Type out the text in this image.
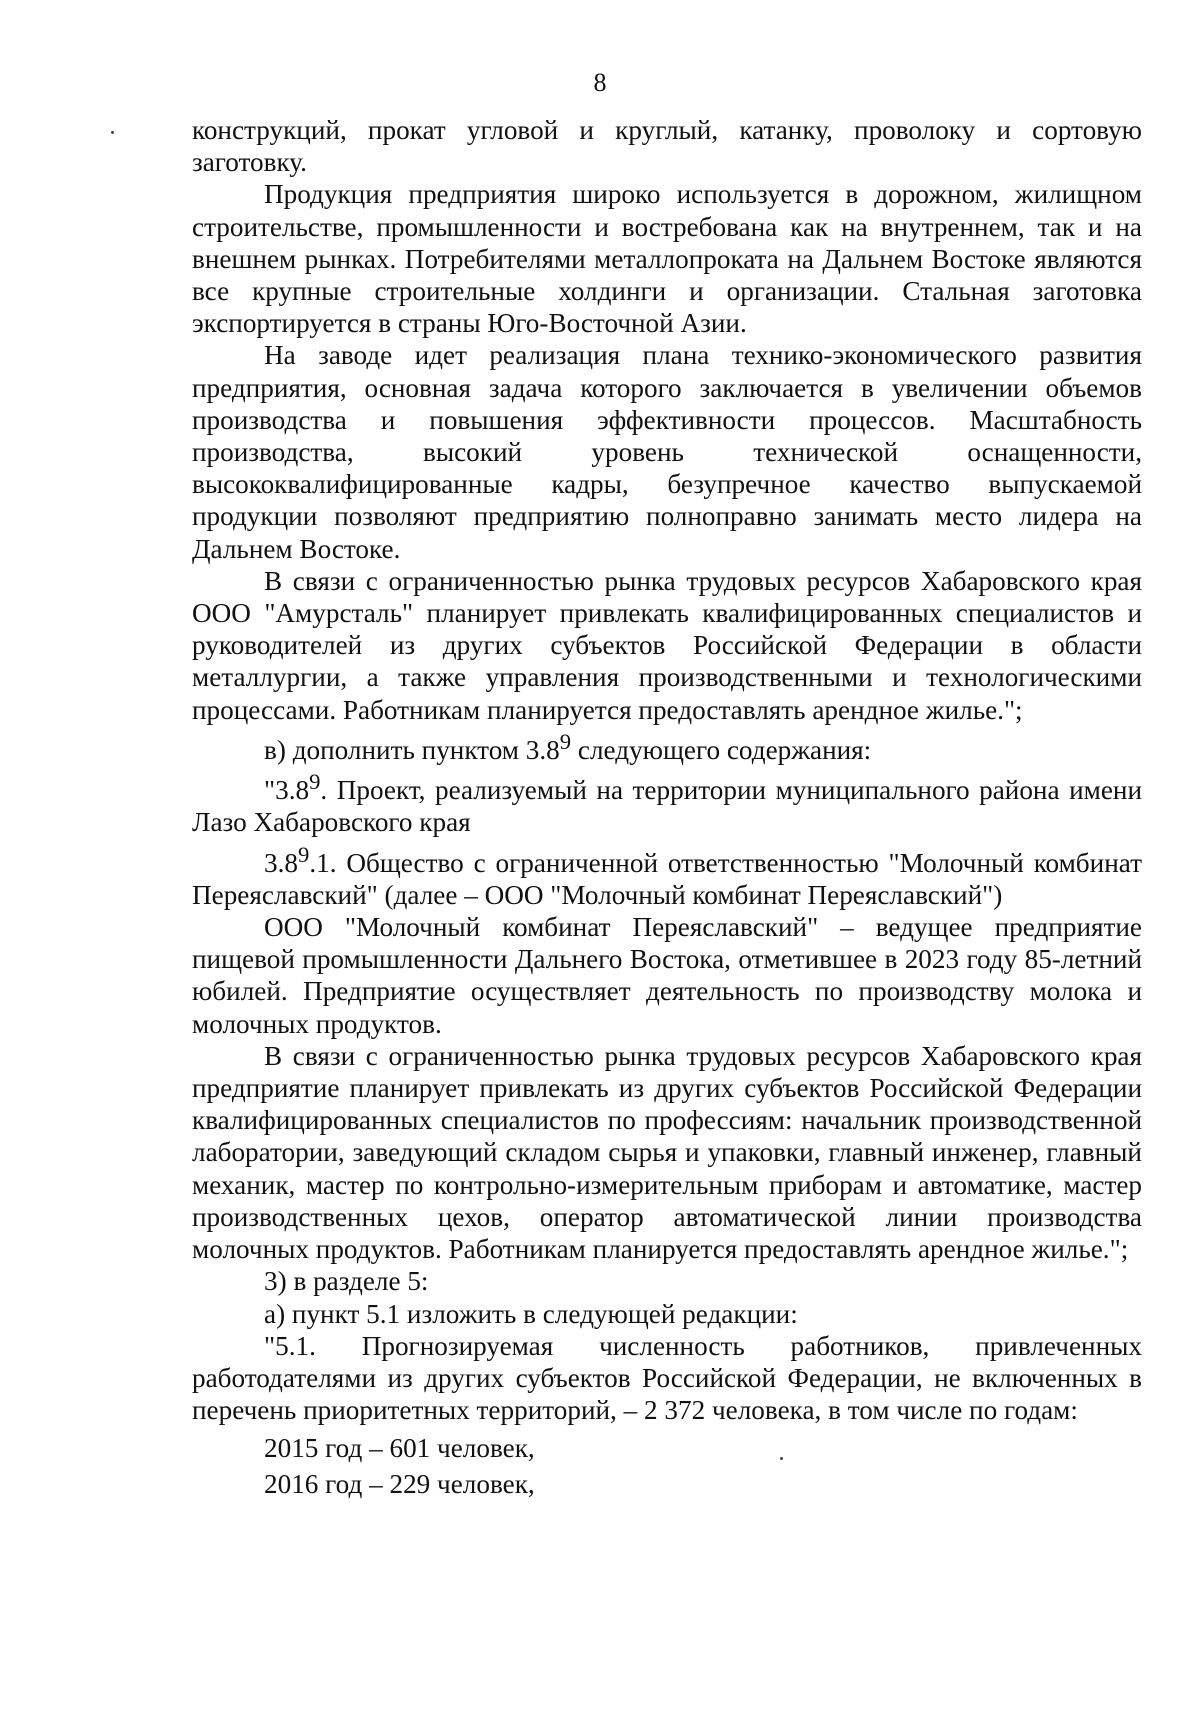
8

конструкций, прокат угловой и круглый, катанку, проволоку и сортовую заготовку.

Продукция предприятия широко используется в дорожном, жилищном строительстве, промышленности и востребована как на внутреннем, так и на внешнем рынках. Потребителями металлопроката на Дальнем Востоке являются все крупные строительные холдинги и организации. Стальная заготовка экспортируется в страны Юго-Восточной Азии.

На заводе идет реализация плана технико-экономического развития предприятия, основная задача которого заключается в увеличении объемов производства и повышения эффективности процессов. Масштабность производства, высокий уровень технической оснащенности, высококвалифицированные кадры, безупречное качество выпускаемой продукции позволяют предприятию полноправно занимать место лидера на Дальнем Востоке.

В связи с ограниченностью рынка трудовых ресурсов Хабаровского края ООО "Амурсталь" планирует привлекать квалифицированных специалистов и руководителей из других субъектов Российской Федерации в области металлургии, а также управления производственными и технологическими процессами. Работникам планируется предоставлять арендное жилье.";

в) дополнить пунктом $3.8^9$ следующего содержания:

"$3.8^9$. Проект, реализуемый на территории муниципального района имени Лазо Хабаровского края

$3.8^9.1$. Общество с ограниченной ответственностью "Молочный комбинат Переяславский" (далее – ООО "Молочный комбинат Переяславский")

ООО "Молочный комбинат Переяславский" – ведущее предприятие пищевой промышленности Дальнего Востока, отметившее в 2023 году 85-летний юбилей. Предприятие осуществляет деятельность по производству молока и молочных продуктов.

В связи с ограниченностью рынка трудовых ресурсов Хабаровского края предприятие планирует привлекать из других субъектов Российской Федерации квалифицированных специалистов по профессиям: начальник производственной лаборатории, заведующий складом сырья и упаковки, главный инженер, главный механик, мастер по контрольно-измерительным приборам и автоматике, мастер производственных цехов, оператор автоматической линии производства молочных продуктов. Работникам планируется предоставлять арендное жилье.";

3) в разделе 5:

а) пункт 5.1 изложить в следующей редакции:

"5.1. Прогнозируемая численность работников, привлеченных работодателями из других субъектов Российской Федерации, не включенных в перечень приоритетных территорий, – 2 372 человека, в том числе по годам:

2015 год – 601 человек,

2016 год – 229 человек,
